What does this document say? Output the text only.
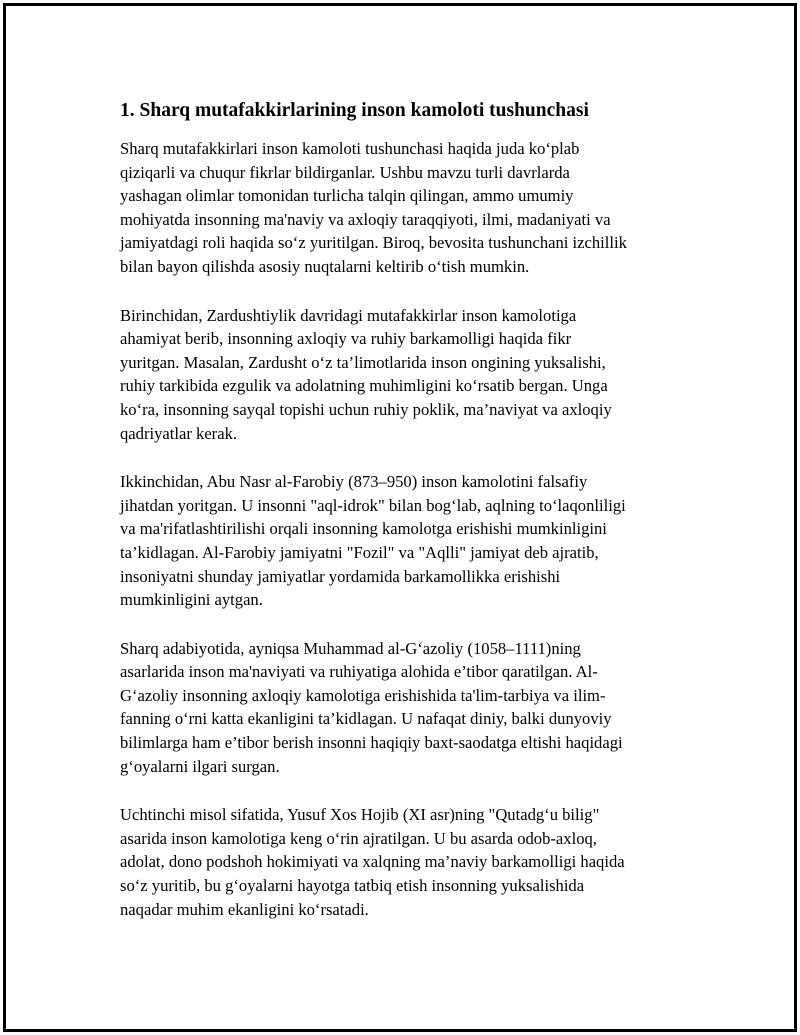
1. Sharq mutafakkirlarining inson kamoloti tushunchasi
Sharq mutafakkirlari inson kamoloti tushunchasi haqida juda koʻplab
qiziqarli va chuqur fikrlar bildirganlar. Ushbu mavzu turli davrlarda
yashagan olimlar tomonidan turlicha talqin qilingan, ammo umumiy
mohiyatda insonning ma'naviy va axloqiy taraqqiyoti, ilmi, madaniyati va
jamiyatdagi roli haqida soʻz yuritilgan. Biroq, bevosita tushunchani izchillik
bilan bayon qilishda asosiy nuqtalarni keltirib oʻtish mumkin.
Birinchidan, Zardushtiylik davridagi mutafakkirlar inson kamolotiga
ahamiyat berib, insonning axloqiy va ruhiy barkamolligi haqida fikr
yuritgan. Masalan, Zardusht oʻz ta’limotlarida inson ongining yuksalishi,
ruhiy tarkibida ezgulik va adolatning muhimligini koʻrsatib bergan. Unga
koʻra, insonning sayqal topishi uchun ruhiy poklik, ma’naviyat va axloqiy
qadriyatlar kerak.
Ikkinchidan, Abu Nasr al-Farobiy (873–950) inson kamolotini falsafiy
jihatdan yoritgan. U insonni "aql-idrok" bilan bogʻlab, aqlning toʻlaqonliligi
va ma'rifatlashtirilishi orqali insonning kamolotga erishishi mumkinligini
ta’kidlagan. Al-Farobiy jamiyatni "Fozil" va "Aqlli" jamiyat deb ajratib,
insoniyatni shunday jamiyatlar yordamida barkamollikka erishishi
mumkinligini aytgan.
Sharq adabiyotida, ayniqsa Muhammad al-Gʻazoliy (1058–1111)ning
asarlarida inson ma'naviyati va ruhiyatiga alohida e’tibor qaratilgan. Al-
Gʻazoliy insonning axloqiy kamolotiga erishishida ta'lim-tarbiya va ilim-
fanning oʻrni katta ekanligini ta’kidlagan. U nafaqat diniy, balki dunyoviy
bilimlarga ham e’tibor berish insonni haqiqiy baxt-saodatga eltishi haqidagi
gʻoyalarni ilgari surgan.
Uchtinchi misol sifatida, Yusuf Xos Hojib (XI asr)ning "Qutadgʻu bilig"
asarida inson kamolotiga keng oʻrin ajratilgan. U bu asarda odob-axloq,
adolat, dono podshoh hokimiyati va xalqning ma’naviy barkamolligi haqida
soʻz yuritib, bu gʻoyalarni hayotga tatbiq etish insonning yuksalishida
naqadar muhim ekanligini koʻrsatadi.
